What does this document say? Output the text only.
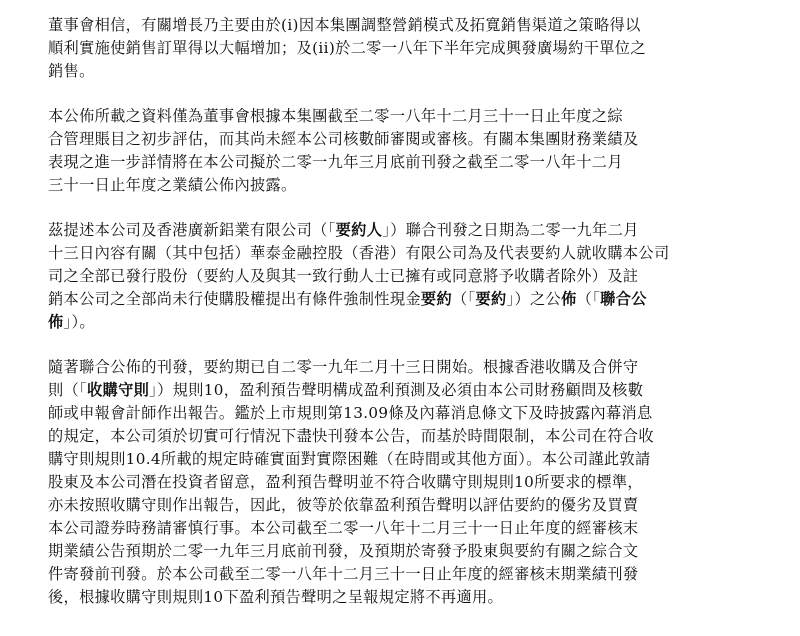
董事會相信，有關增長乃主要由於(i)因本集團調整營銷模式及拓寬銷售渠道之策略得以
順利實施使銷售訂單得以大幅增加；及(ii)於二零一八年下半年完成興發廣場約干單位之
銷售。

本公佈所載之資料僅為董事會根據本集團截至二零一八年十二月三十一日止年度之綜
合管理賬目之初步評估，而其尚未經本公司核數師審閱或審核。有關本集團財務業績及
表現之進一步詳情將在本公司擬於二零一九年三月底前刊發之截至二零一八年十二月
三十一日止年度之業績公佈內披露。

茲提述本公司及香港廣新鋁業有限公司（「要約人」）聯合刊發之日期為二零一九年二月
十三日內容有關（其中包括）華泰金融控股（香港）有限公司為及代表要約人就收購本公司
司之全部已發行股份（要約人及與其一致行動人士已擁有或同意將予收購者除外）及註
銷本公司之全部尚未行使購股權提出有條件強制性現金要約（「要約」）之公佈（「聯合公
佈」）。

隨著聯合公佈的刊發，要約期已自二零一九年二月十三日開始。根據香港收購及合併守
則（「收購守則」）規則10，盈利預告聲明構成盈利預測及必須由本公司財務顧問及核數
師或申報會計師作出報告。鑑於上市規則第13.09條及內幕消息條文下及時披露內幕消息
的規定，本公司須於切實可行情況下盡快刊發本公告，而基於時間限制，本公司在符合收
購守則規則10.4所載的規定時確實面對實際困難（在時間或其他方面）。本公司謹此敦請
股東及本公司潛在投資者留意，盈利預告聲明並不符合收購守則規則10所要求的標準，
亦未按照收購守則作出報告，因此，彼等於依靠盈利預告聲明以評估要約的優劣及買賣
本公司證券時務請審慎行事。本公司截至二零一八年十二月三十一日止年度的經審核末
期業績公告預期於二零一九年三月底前刊發，及預期於寄發予股東與要約有關之綜合文
件寄發前刊發。於本公司截至二零一八年十二月三十一日止年度的經審核末期業績刊發
後，根據收購守則規則10下盈利預告聲明之呈報規定將不再適用。
